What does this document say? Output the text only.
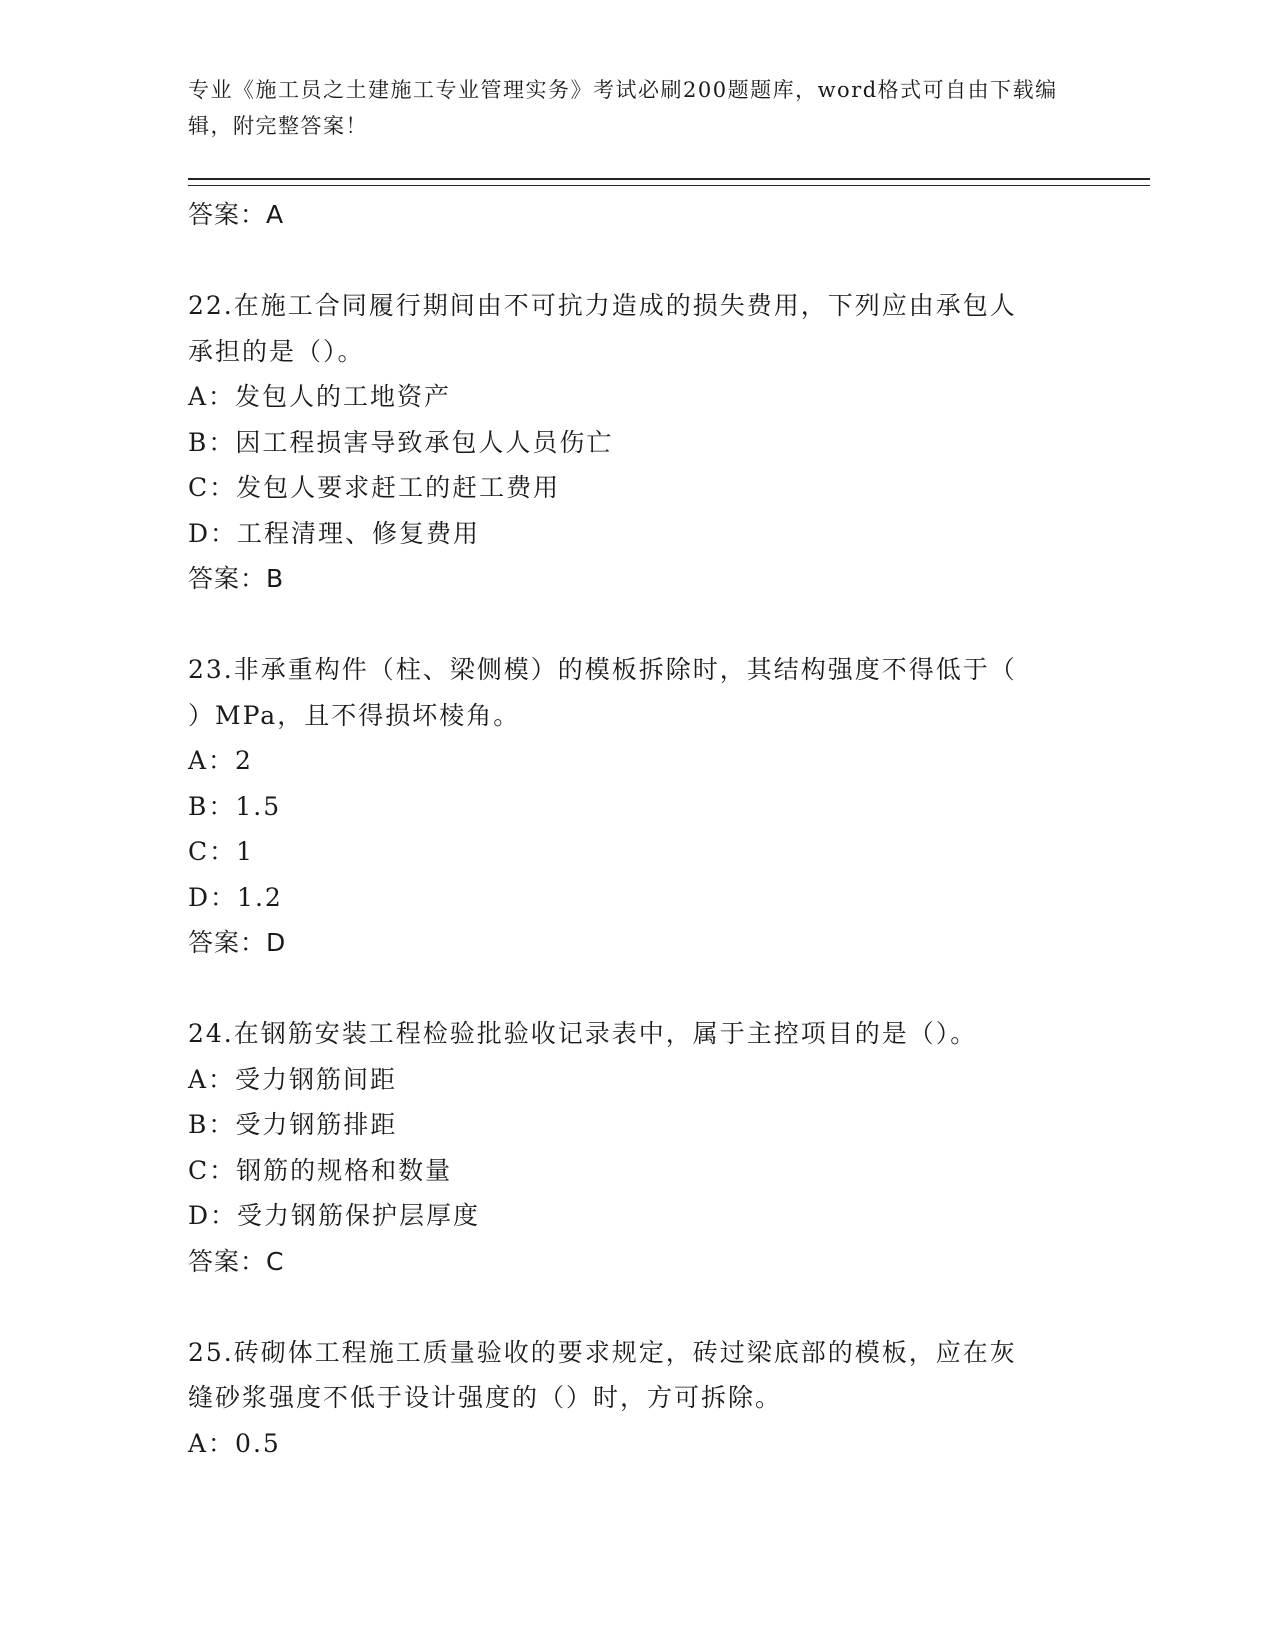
专业《施工员之土建施工专业管理实务》考试必刷200题题库，word格式可自由下载编辑，附完整答案！
答案：A
22.在施工合同履行期间由不可抗力造成的损失费用，下列应由承包人
承担的是（）。
A：发包人的工地资产
B：因工程损害导致承包人人员伤亡
C：发包人要求赶工的赶工费用
D：工程清理、修复费用
答案：B
23.非承重构件（柱、梁侧模）的模板拆除时，其结构强度不得低于（
）MPa，且不得损坏棱角。
A：2
B：1.5
C：1
D：1.2
答案：D
24.在钢筋安装工程检验批验收记录表中，属于主控项目的是（）。
A：受力钢筋间距
B：受力钢筋排距
C：钢筋的规格和数量
D：受力钢筋保护层厚度
答案：C
25.砖砌体工程施工质量验收的要求规定，砖过梁底部的模板，应在灰
缝砂浆强度不低于设计强度的（）时，方可拆除。
A：0.5
